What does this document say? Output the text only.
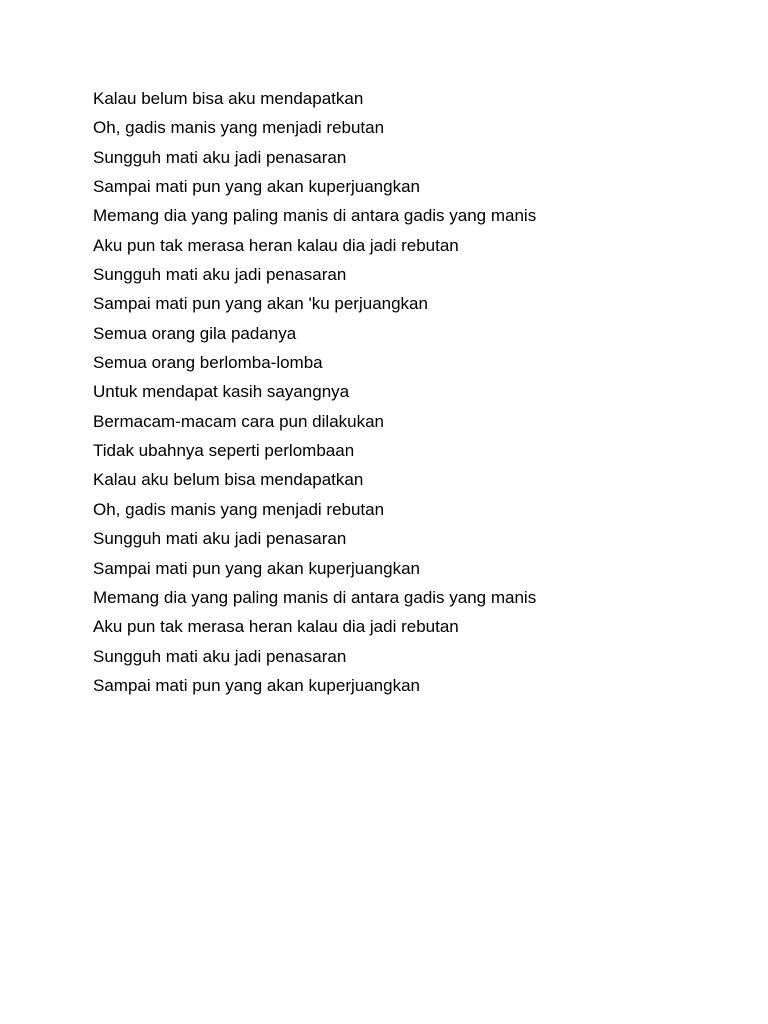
Kalau belum bisa aku mendapatkan
Oh, gadis manis yang menjadi rebutan
Sungguh mati aku jadi penasaran
Sampai mati pun yang akan kuperjuangkan
Memang dia yang paling manis di antara gadis yang manis
Aku pun tak merasa heran kalau dia jadi rebutan
Sungguh mati aku jadi penasaran
Sampai mati pun yang akan 'ku perjuangkan
Semua orang gila padanya
Semua orang berlomba-lomba
Untuk mendapat kasih sayangnya
Bermacam-macam cara pun dilakukan
Tidak ubahnya seperti perlombaan
Kalau aku belum bisa mendapatkan
Oh, gadis manis yang menjadi rebutan
Sungguh mati aku jadi penasaran
Sampai mati pun yang akan kuperjuangkan
Memang dia yang paling manis di antara gadis yang manis
Aku pun tak merasa heran kalau dia jadi rebutan
Sungguh mati aku jadi penasaran
Sampai mati pun yang akan kuperjuangkan
